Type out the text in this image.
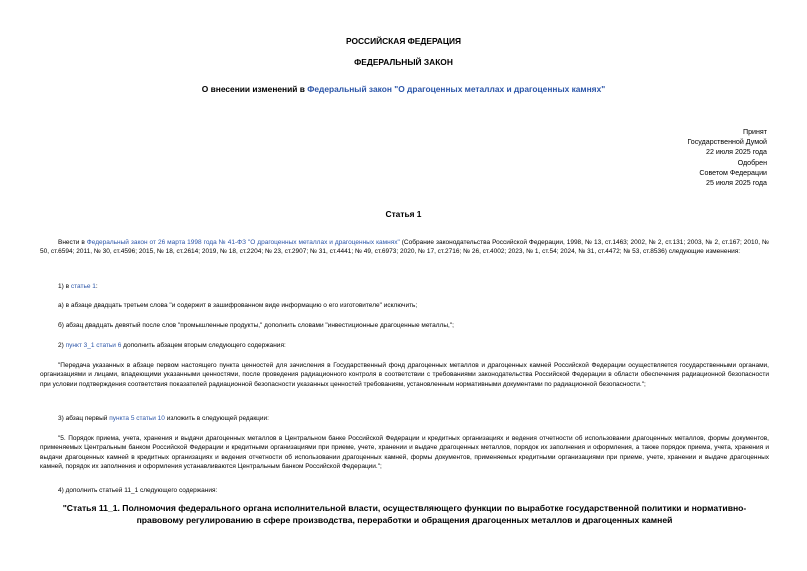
РОССИЙСКАЯ ФЕДЕРАЦИЯ
ФЕДЕРАЛЬНЫЙ ЗАКОН
О внесении изменений в Федеральный закон "О драгоценных металлах и драгоценных камнях"
Принят
Государственной Думой
22 июля 2025 года
Одобрен
Советом Федерации
25 июля 2025 года
Статья 1
Внести в Федеральный закон от 26 марта 1998 года № 41-ФЗ "О драгоценных металлах и драгоценных камнях" (Собрание законодательства Российской Федерации, 1998, № 13, ст.1463; 2002, № 2, ст.131; 2003, № 2, ст.167; 2010, № 50, ст.6594; 2011, № 30, ст.4596; 2015, № 18, ст.2614; 2019, № 18, ст.2204; № 23, ст.2907; № 31, ст.4441; № 49, ст.6973; 2020, № 17, ст.2716; № 26, ст.4002; 2023, № 1, ст.54; 2024, № 31, ст.4472; № 53, ст.8536) следующие изменения:
1) в статье 1:
а) в абзаце двадцать третьем слова "и содержит в зашифрованном виде информацию о его изготовителе" исключить;
б) абзац двадцать девятый после слов "промышленные продукты," дополнить словами "инвестиционные драгоценные металлы,";
2) пункт 3_1 статьи 6 дополнить абзацем вторым следующего содержания:
"Передача указанных в абзаце первом настоящего пункта ценностей для зачисления в Государственный фонд драгоценных металлов и драгоценных камней Российской Федерации осуществляется государственными органами, организациями и лицами, владеющими указанными ценностями, после проведения радиационного контроля в соответствии с требованиями законодательства Российской Федерации в области обеспечения радиационной безопасности при условии подтверждения соответствия показателей радиационной безопасности указанных ценностей требованиям, установленным нормативными документами по радиационной безопасности.";
3) абзац первый пункта 5 статьи 10 изложить в следующей редакции:
"5. Порядок приема, учета, хранения и выдачи драгоценных металлов в Центральном банке Российской Федерации и кредитных организациях и ведения отчетности об использовании драгоценных металлов, формы документов, применяемых Центральным банком Российской Федерации и кредитными организациями при приеме, учете, хранении и выдаче драгоценных металлов, порядок их заполнения и оформления, а также порядок приема, учета, хранения и выдачи драгоценных камней в кредитных организациях и ведения отчетности об использовании драгоценных камней, формы документов, применяемых кредитными организациями при приеме, учете, хранении и выдаче драгоценных камней, порядок их заполнения и оформления устанавливаются Центральным банком Российской Федерации.";
4) дополнить статьей 11_1 следующего содержания:
"Статья 11_1. Полномочия федерального органа исполнительной власти, осуществляющего функции по выработке государственной политики и нормативно-правовому регулированию в сфере производства, переработки и обращения драгоценных металлов и драгоценных камней
